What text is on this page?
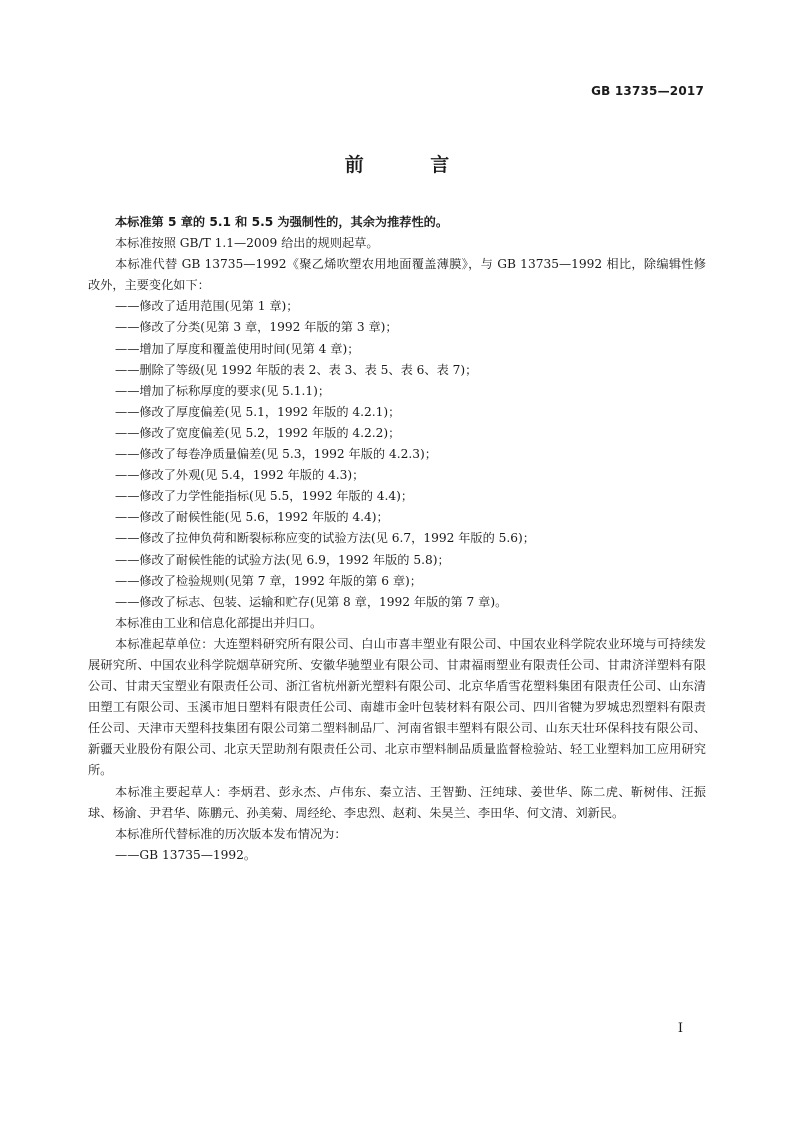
GB 13735—2017
前 言

本标准第 5 章的 5.1 和 5.5 为强制性的，其余为推荐性的。

本标准按照 GB/T 1.1—2009 给出的规则起草。

本标准代替 GB 13735—1992《聚乙烯吹塑农用地面覆盖薄膜》，与 GB 13735—1992 相比，除编辑性修改外，主要变化如下：

——修改了适用范围(见第 1 章)；

——修改了分类(见第 3 章，1992 年版的第 3 章)；

——增加了厚度和覆盖使用时间(见第 4 章)；

——删除了等级(见 1992 年版的表 2、表 3、表 5、表 6、表 7)；

——增加了标称厚度的要求(见 5.1.1)；

——修改了厚度偏差(见 5.1，1992 年版的 4.2.1)；

——修改了宽度偏差(见 5.2，1992 年版的 4.2.2)；

——修改了每卷净质量偏差(见 5.3，1992 年版的 4.2.3)；

——修改了外观(见 5.4，1992 年版的 4.3)；

——修改了力学性能指标(见 5.5，1992 年版的 4.4)；

——修改了耐候性能(见 5.6，1992 年版的 4.4)；

——修改了拉伸负荷和断裂标称应变的试验方法(见 6.7，1992 年版的 5.6)；

——修改了耐候性能的试验方法(见 6.9，1992 年版的 5.8)；

——修改了检验规则(见第 7 章，1992 年版的第 6 章)；

——修改了标志、包装、运输和贮存(见第 8 章，1992 年版的第 7 章)。

本标准由工业和信息化部提出并归口。

本标准起草单位：大连塑料研究所有限公司、白山市喜丰塑业有限公司、中国农业科学院农业环境与可持续发展研究所、中国农业科学院烟草研究所、安徽华驰塑业有限公司、甘肃福雨塑业有限责任公司、甘肃济洋塑料有限公司、甘肃天宝塑业有限责任公司、浙江省杭州新光塑料有限公司、北京华盾雪花塑料集团有限责任公司、山东清田塑工有限公司、玉溪市旭日塑料有限责任公司、南雄市金叶包装材料有限公司、四川省犍为罗城忠烈塑料有限责任公司、天津市天塑科技集团有限公司第二塑料制品厂、河南省银丰塑料有限公司、山东天壮环保科技有限公司、新疆天业股份有限公司、北京天罡助剂有限责任公司、北京市塑料制品质量监督检验站、轻工业塑料加工应用研究所。

本标准主要起草人：李炳君、彭永杰、卢伟东、秦立洁、王智勤、汪纯球、姜世华、陈二虎、靳树伟、汪振球、杨渝、尹君华、陈鹏元、孙美菊、周经纶、李忠烈、赵莉、朱昊兰、李田华、何文清、刘新民。

本标准所代替标准的历次版本发布情况为：

——GB 13735—1992。

I
